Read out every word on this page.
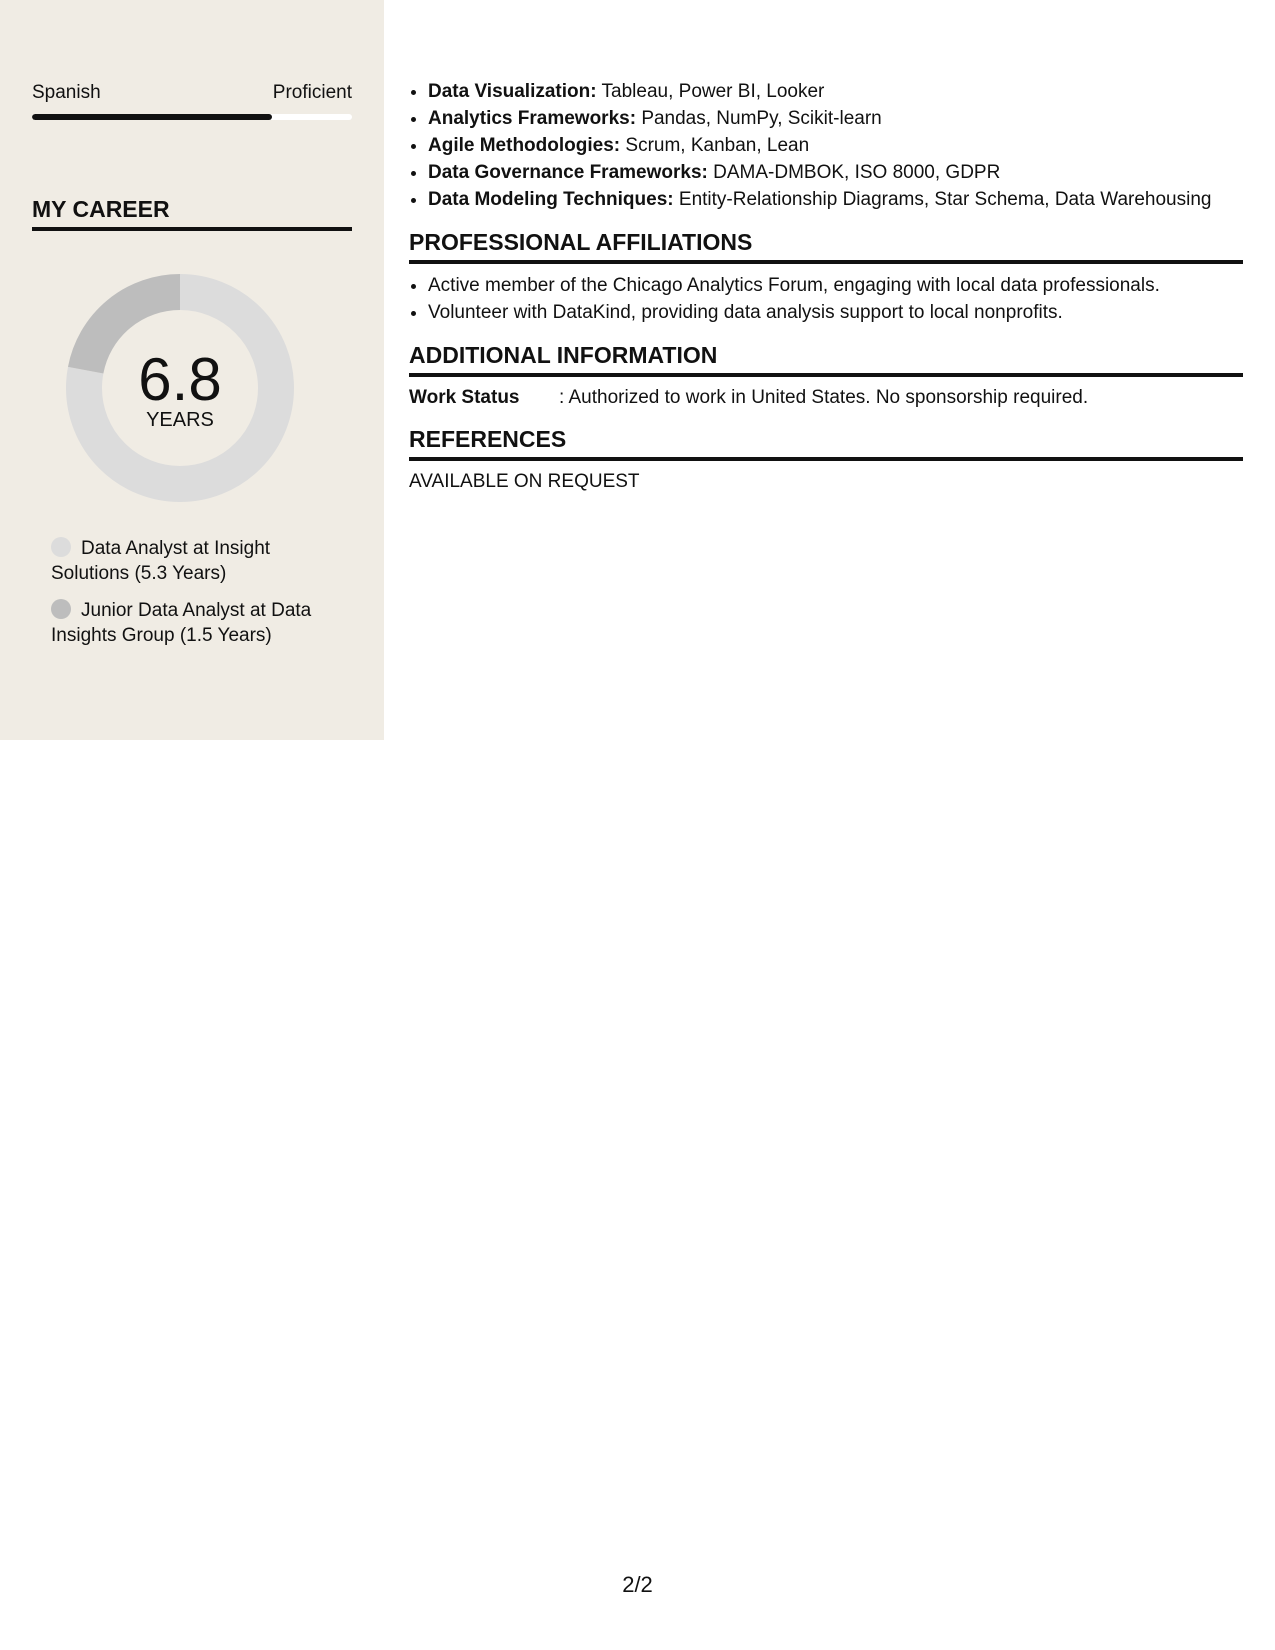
Spanish	Proficient
MY CAREER
6.8
YEARS
Data Analyst at Insight Solutions (5.3 Years)
Junior Data Analyst at Data Insights Group (1.5 Years)
• Data Visualization: Tableau, Power BI, Looker
• Analytics Frameworks: Pandas, NumPy, Scikit-learn
• Agile Methodologies: Scrum, Kanban, Lean
• Data Governance Frameworks: DAMA-DMBOK, ISO 8000, GDPR
• Data Modeling Techniques: Entity-Relationship Diagrams, Star Schema, Data Warehousing
PROFESSIONAL AFFILIATIONS
• Active member of the Chicago Analytics Forum, engaging with local data professionals.
• Volunteer with DataKind, providing data analysis support to local nonprofits.
ADDITIONAL INFORMATION
Work Status : Authorized to work in United States. No sponsorship required.
REFERENCES
AVAILABLE ON REQUEST
2/2
